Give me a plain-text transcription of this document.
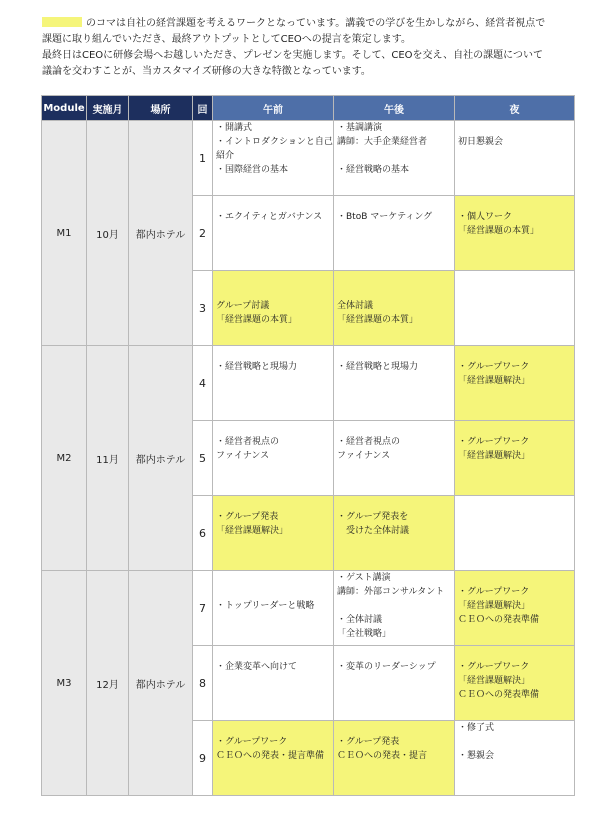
のコマは自社の経営課題を考えるワークとなっています。講義での学びを生かしながら、経営者視点で

課題に取り組んでいただき、最終アウトプットとしてCEOへの提言を策定します。

最終日はCEOに研修会場へお越しいただき、プレゼンを実施します。そして、CEOを交え、自社の課題について

議論を交わすことが、当カスタマイズ研修の大きな特徴となっています。

Module	実施月	場所	回	午前	午後	夜
M1	10月	都内ホテル	1	・開講式
・イントロダクションと自己紹介
・国際経営の基本	・基調講演
講師：大手企業経営者

・経営戦略の基本	初日懇親会

			2	・エクイティとガバナンス	・BtoB マーケティング	・個人ワーク
「経営課題の本質」

			3	グループ討議
「経営課題の本質」	全体討議
「経営課題の本質」	

M2	11月	都内ホテル	4	・経営戦略と現場力	・経営戦略と現場力	・グループワーク
「経営課題解決」

			5	・経営者視点の
ファイナンス	・経営者視点の
ファイナンス	・グループワーク
「経営課題解決」

			6	・グループ発表
「経営課題解決」	・グループ発表を
　受けた全体討議	

M3	12月	都内ホテル	7	・トップリーダーと戦略	・ゲスト講演
講師：外部コンサルタント

・全体討議
「全社戦略」	・グループワーク
「経営課題解決」
ＣＥＯへの発表準備

			8	・企業変革へ向けて	・変革のリーダーシップ	・グループワーク
「経営課題解決」
ＣＥＯへの発表準備

			9	・グループワーク
ＣＥＯへの発表・提言準備	・グループ発表
ＣＥＯへの発表・提言	・修了式

・懇親会
